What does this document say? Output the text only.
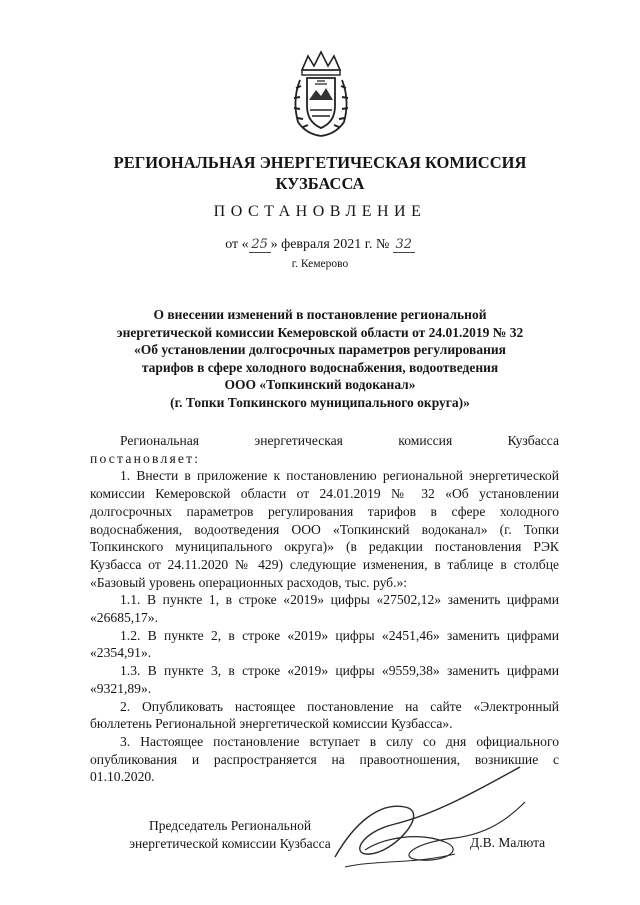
РЕГИОНАЛЬНАЯ ЭНЕРГЕТИЧЕСКАЯ КОМИССИЯ
КУЗБАССА
ПОСТАНОВЛЕНИЕ
от « 25 » февраля 2021 г. № 32
г. Кемерово
О внесении изменений в постановление региональной
энергетической комиссии Кемеровской области от 24.01.2019 № 32
«Об установлении долгосрочных параметров регулирования
тарифов в сфере холодного водоснабжения, водоотведения
ООО «Топкинский водоканал»
(г. Топки Топкинского муниципального округа)»

Региональная энергетическая комиссия Кузбасса

постановляет:

1. Внести в приложение к постановлению региональной энергетической комиссии Кемеровской области от 24.01.2019 № 32 «Об установлении долгосрочных параметров регулирования тарифов в сфере холодного водоснабжения, водоотведения ООО «Топкинский водоканал» (г. Топки Топкинского муниципального округа)» (в редакции постановления РЭК Кузбасса от 24.11.2020 № 429) следующие изменения, в таблице в столбце «Базовый уровень операционных расходов, тыс. руб.»:

1.1. В пункте 1, в строке «2019» цифры «27502,12» заменить цифрами «26685,17».

1.2. В пункте 2, в строке «2019» цифры «2451,46» заменить цифрами «2354,91».

1.3. В пункте 3, в строке «2019» цифры «9559,38» заменить цифрами «9321,89».

2. Опубликовать настоящее постановление на сайте «Электронный бюллетень Региональной энергетической комиссии Кузбасса».

3. Настоящее постановление вступает в силу со дня официального опубликования и распространяется на правоотношения, возникшие с 01.10.2020.

Председатель Региональной
энергетической комиссии Кузбасса	Д.В. Малюта
